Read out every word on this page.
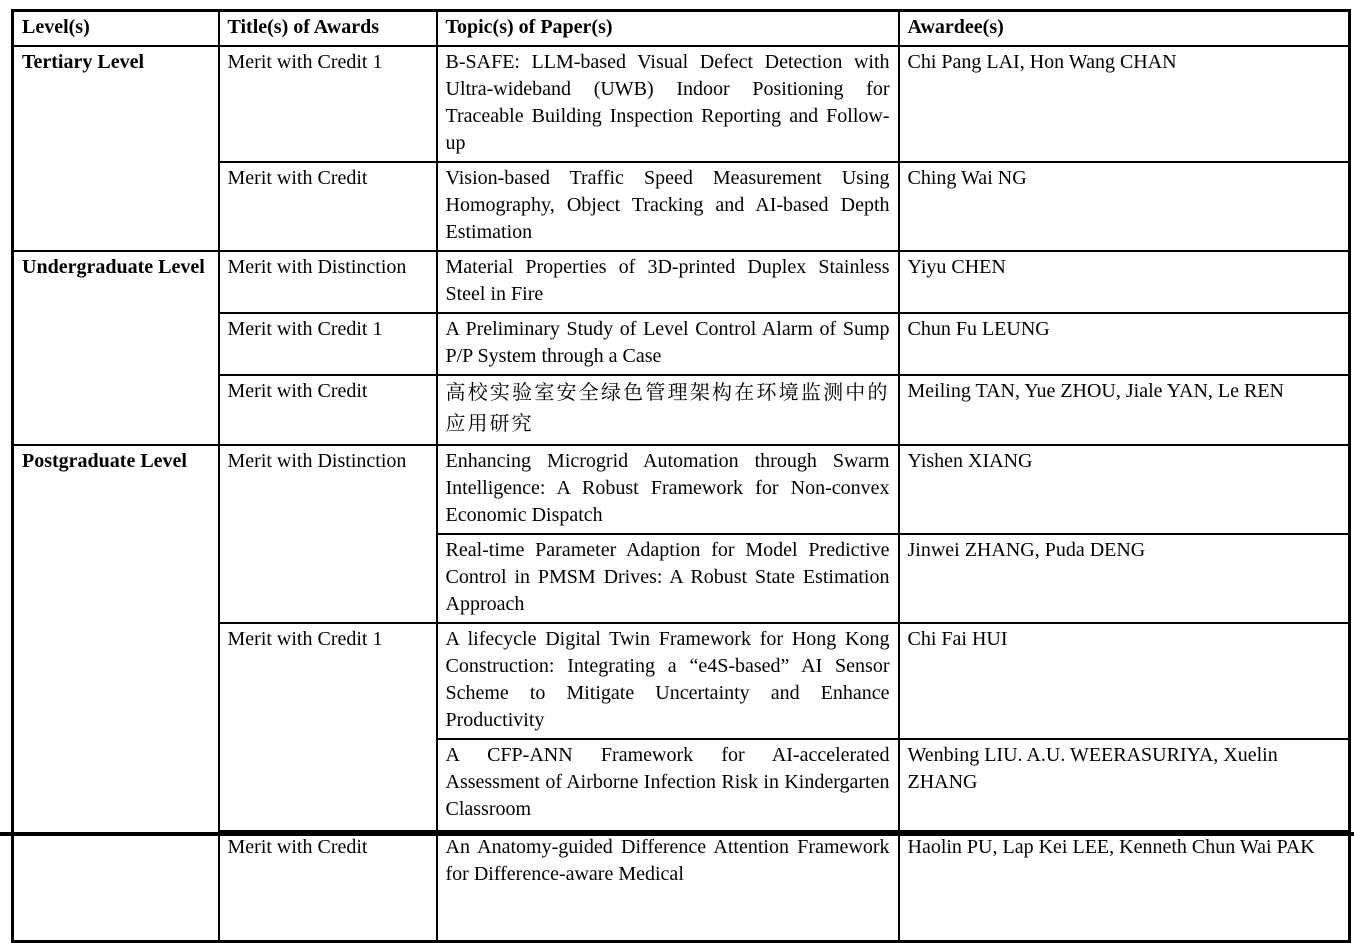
Level(s)	Title(s) of Awards	Topic(s) of Paper(s)	Awardee(s)
Tertiary Level	Merit with Credit 1	B-SAFE: LLM-based Visual Defect Detection with Ultra-wideband (UWB) Indoor Positioning for Traceable Building Inspection Reporting and Follow-up	Chi Pang LAI, Hon Wang CHAN
	Merit with Credit	Vision-based Traffic Speed Measurement Using Homography, Object Tracking and AI-based Depth Estimation	Ching Wai NG
Undergraduate Level	Merit with Distinction	Material Properties of 3D-printed Duplex Stainless Steel in Fire	Yiyu CHEN
	Merit with Credit 1	A Preliminary Study of Level Control Alarm of Sump P/P System through a Case	Chun Fu LEUNG
	Merit with Credit	高校实验室安全绿色管理架构在环境监测中的应用研究	Meiling TAN, Yue ZHOU, Jiale YAN, Le REN
Postgraduate Level	Merit with Distinction	Enhancing Microgrid Automation through Swarm Intelligence: A Robust Framework for Non-convex Economic Dispatch	Yishen XIANG
		Real-time Parameter Adaption for Model Predictive Control in PMSM Drives: A Robust State Estimation Approach	Jinwei ZHANG, Puda DENG
	Merit with Credit 1	A lifecycle Digital Twin Framework for Hong Kong Construction: Integrating a “e4S-based” AI Sensor Scheme to Mitigate Uncertainty and Enhance Productivity	Chi Fai HUI
		A CFP-ANN Framework for AI-accelerated Assessment of Airborne Infection Risk in Kindergarten Classroom	Wenbing LIU. A.U. WEERASURIYA, Xuelin ZHANG
	Merit with Credit	An Anatomy-guided Difference Attention Framework for Difference-aware Medical	Haolin PU, Lap Kei LEE, Kenneth Chun Wai PAK
